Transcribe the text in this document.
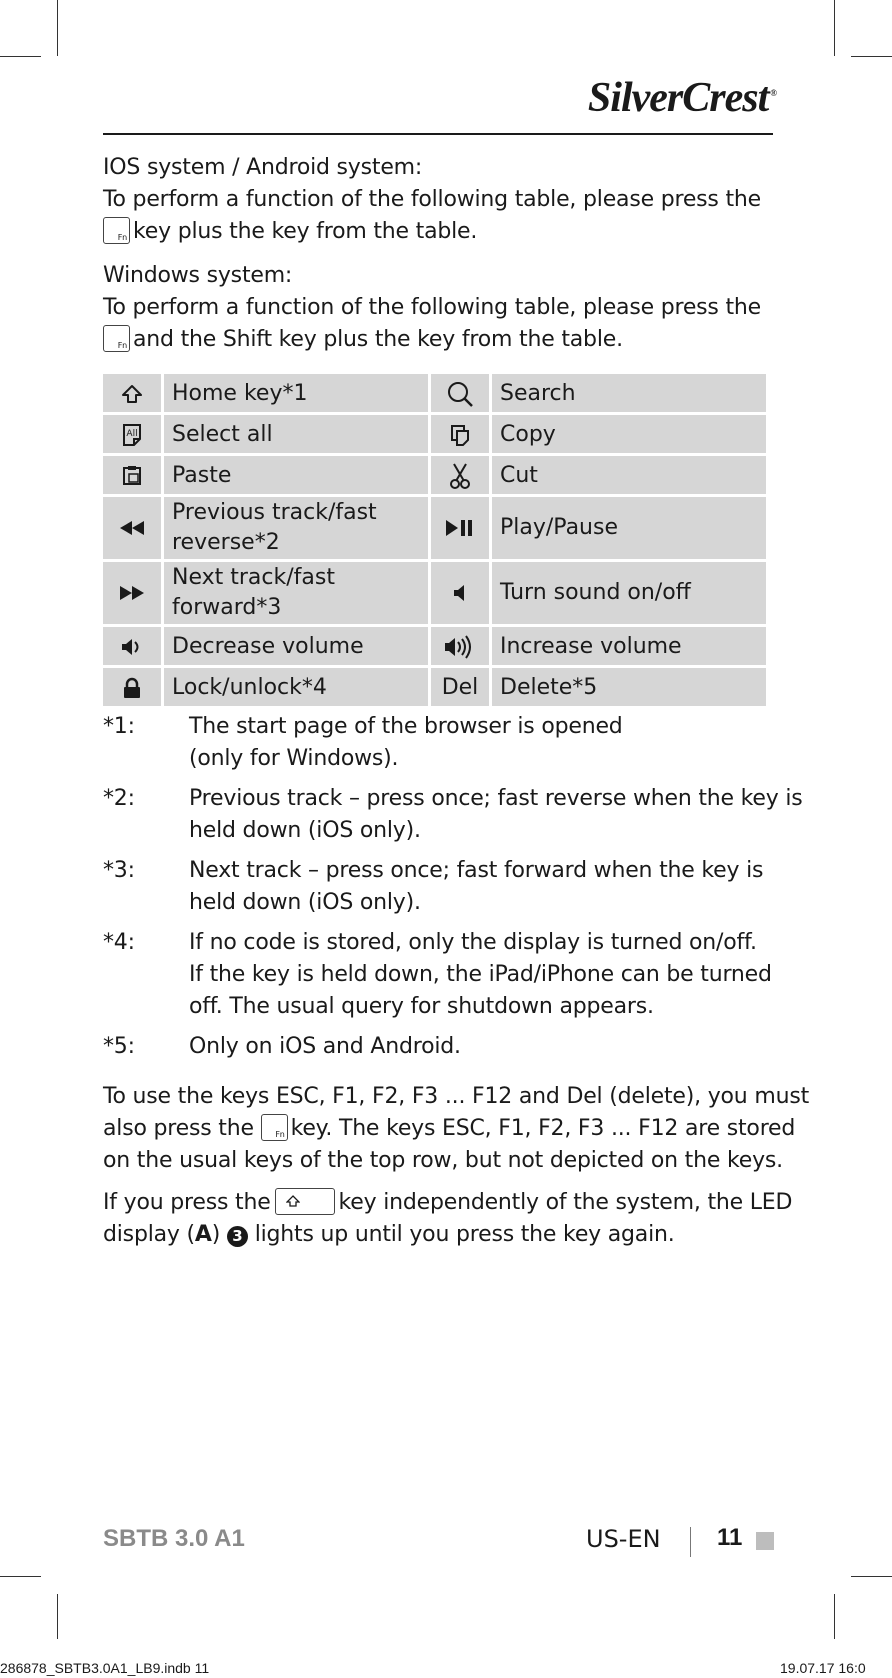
SilverCrest ®

IOS system / Android system:

To perform a function of the following table, please press the

Fn key plus the key from the table.

Windows system:

To perform a function of the following table, please press the

Fn and the Shift key plus the key from the table.

	Home key*1		Search

All	Select all		Copy
	Paste		Cut

Previous track/fast
reverse*2		Play/Pause

Next track/fast
forward*3		Turn sound on/off
	Decrease volume		Increase volume
	Lock/unlock*4	Del	Delete*5
*1:	The start page of the browser is opened
(only for Windows).
*2:	Previous track – press once; fast reverse when the key is
held down (iOS only).
*3:	Next track – press once; fast forward when the key is
held down (iOS only).
*4:	If no code is stored, only the display is turned on/off.
If the key is held down, the iPad/iPhone can be turned
off. The usual query for shutdown appears.
*5:	Only on iOS and Android.

To use the keys ESC, F1, F2, F3 ... F12 and Del (delete), you must

also press the	Fn key. The keys ESC, F1, F2, F3 ... F12 are stored

on the usual keys of the top row, but not depicted on the keys.

If you press the	key independently of the system, the LED

display (A) 3 lights up until you press the key again.

SBTB 3.0 A1	US-EN 11
286878_SBTB3.0A1_LB9.indb 11	19.07.17 16:0
